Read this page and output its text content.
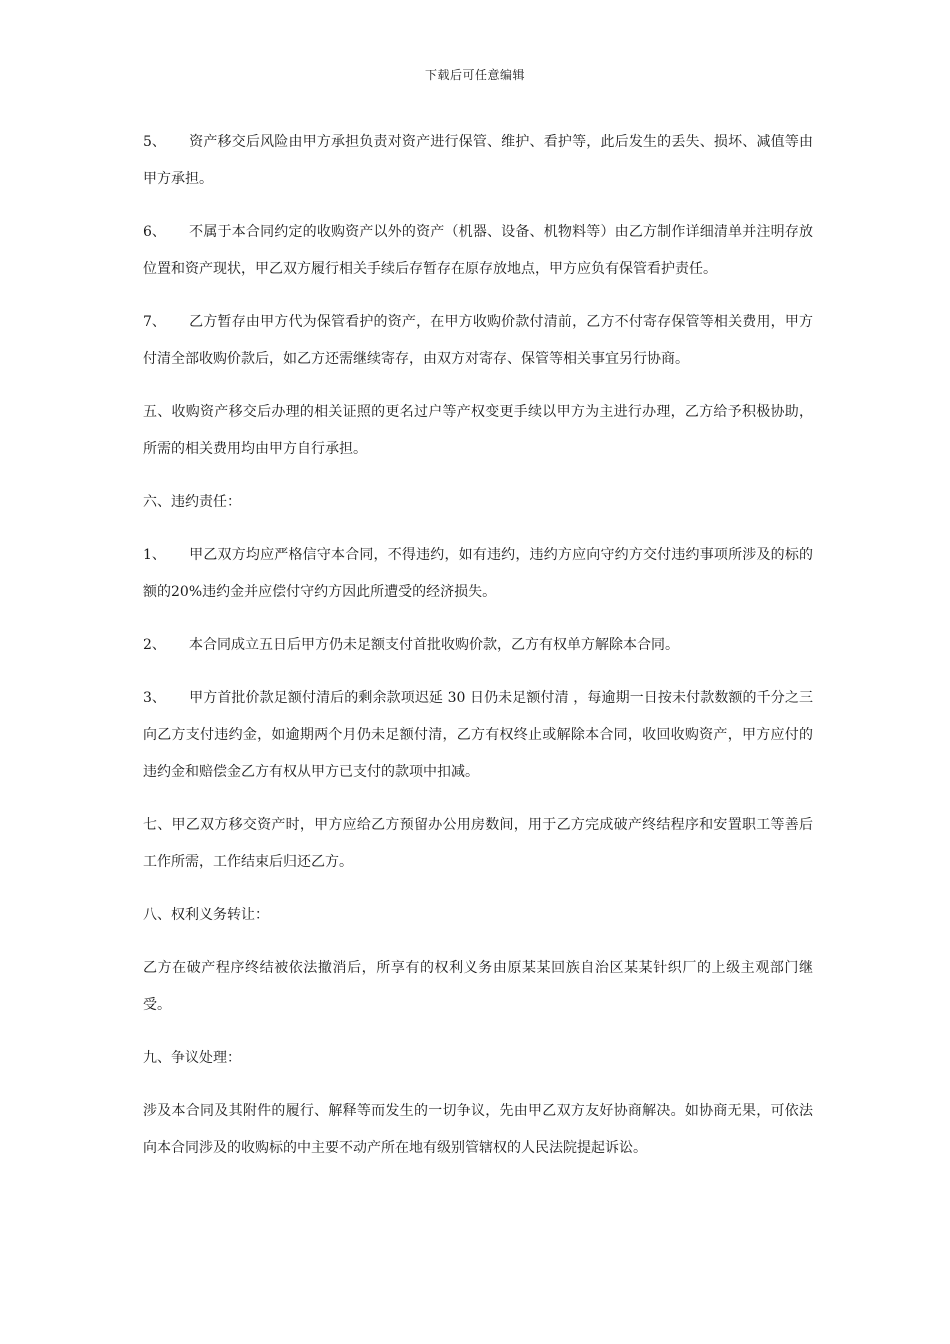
下载后可任意编辑

5、 资产移交后风险由甲方承担负责对资产进行保管、维护、看护等，此后发生的丢失、损坏、减值等由甲方承担。

6、 不属于本合同约定的收购资产以外的资产（机器、设备、机物料等）由乙方制作详细清单并注明存放位置和资产现状，甲乙双方履行相关手续后存暂存在原存放地点，甲方应负有保管看护责任。

7、 乙方暂存由甲方代为保管看护的资产，在甲方收购价款付清前，乙方不付寄存保管等相关费用，甲方付清全部收购价款后，如乙方还需继续寄存，由双方对寄存、保管等相关事宜另行协商。

五、收购资产移交后办理的相关证照的更名过户等产权变更手续以甲方为主进行办理，乙方给予积极协助，所需的相关费用均由甲方自行承担。

六、违约责任：

1、 甲乙双方均应严格信守本合同，不得违约，如有违约，违约方应向守约方交付违约事项所涉及的标的额的20%违约金并应偿付守约方因此所遭受的经济损失。

2、 本合同成立五日后甲方仍未足额支付首批收购价款，乙方有权单方解除本合同。

3、 甲方首批价款足额付清后的剩余款项迟延 30 日仍未足额付清 ，每逾期一日按未付款数额的千分之三向乙方支付违约金，如逾期两个月仍未足额付清，乙方有权终止或解除本合同，收回收购资产，甲方应付的违约金和赔偿金乙方有权从甲方已支付的款项中扣减。

七、甲乙双方移交资产时，甲方应给乙方预留办公用房数间，用于乙方完成破产终结程序和安置职工等善后工作所需，工作结束后归还乙方。

八、权利义务转让：

乙方在破产程序终结被依法撤消后，所享有的权利义务由原某某回族自治区某某针织厂的上级主观部门继受。

九、争议处理：

涉及本合同及其附件的履行、解释等而发生的一切争议，先由甲乙双方友好协商解决。如协商无果，可依法向本合同涉及的收购标的中主要不动产所在地有级别管辖权的人民法院提起诉讼。
